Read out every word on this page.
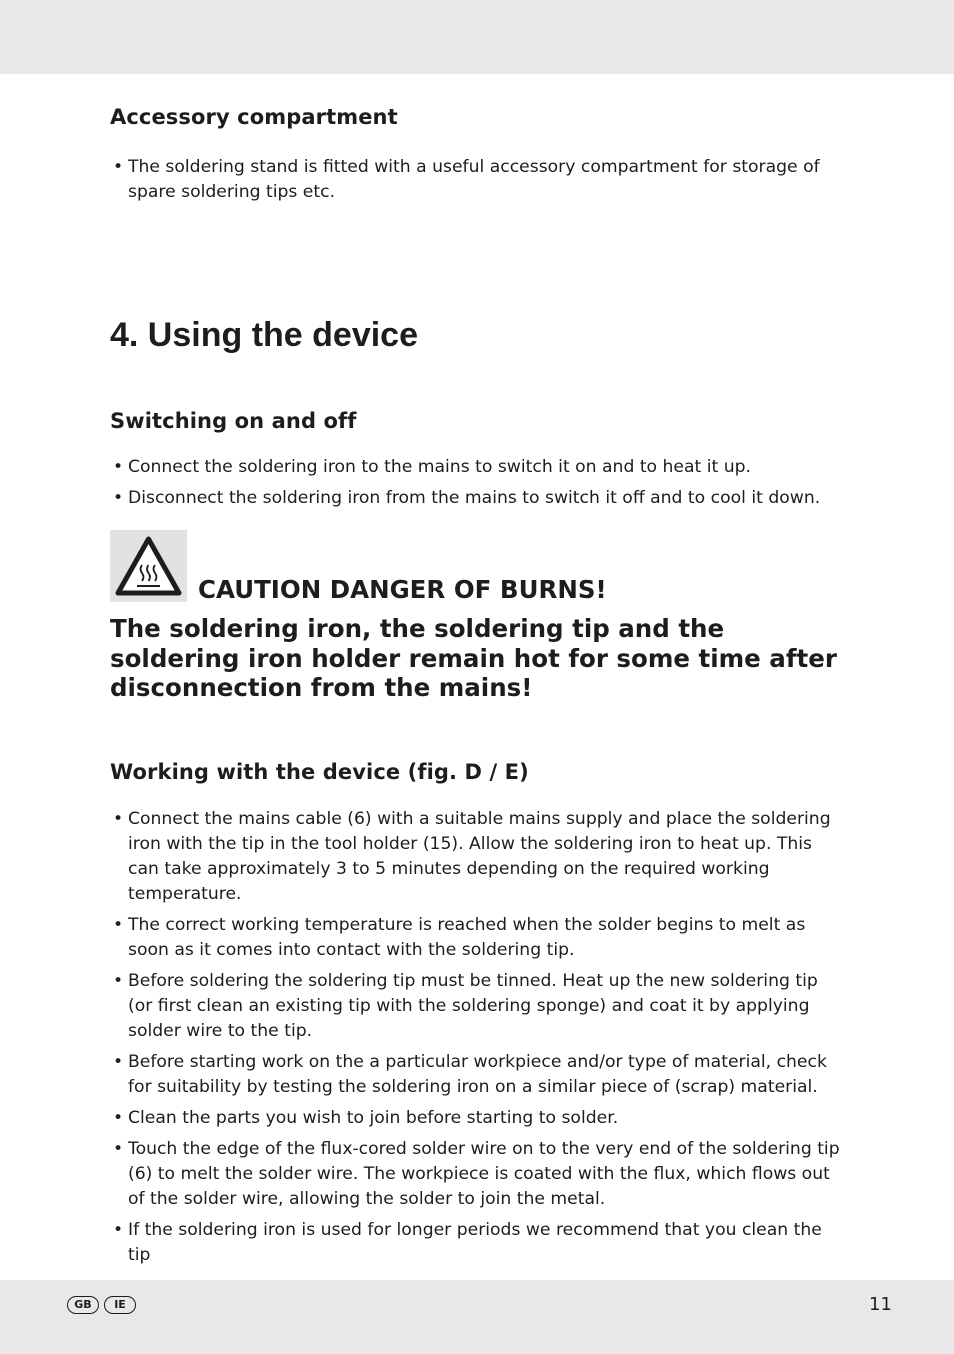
Accessory compartment
• The soldering stand is fitted with a useful accessory compartment for storage of spare soldering tips etc.
4. Using the device
Switching on and off
• Connect the soldering iron to the mains to switch it on and to heat it up.
• Disconnect the soldering iron from the mains to switch it off and to cool it down.
CAUTION DANGER OF BURNS!

The soldering iron, the soldering tip and the soldering iron holder remain hot for some time after disconnection from the mains!

Working with the device (fig. D / E)
• Connect the mains cable (6) with a suitable mains supply and place the soldering iron with the tip in the tool holder (15). Allow the soldering iron to heat up. This can take approximately 3 to 5 minutes depending on the required working temperature.
• The correct working temperature is reached when the solder begins to melt as soon as it comes into contact with the soldering tip.
• Before soldering the soldering tip must be tinned. Heat up the new soldering tip (or first clean an existing tip with the soldering sponge) and coat it by applying solder wire to the tip.
• Before starting work on the a particular workpiece and/or type of material, check for suitability by testing the soldering iron on a similar piece of (scrap) material.
• Clean the parts you wish to join before starting to solder.
• Touch the edge of the flux-cored solder wire on to the very end of the soldering tip (6) to melt the solder wire. The workpiece is coated with the flux, which flows out of the solder wire, allowing the solder to join the metal.
• If the soldering iron is used for longer periods we recommend that you clean the tip
GB	IE	11
